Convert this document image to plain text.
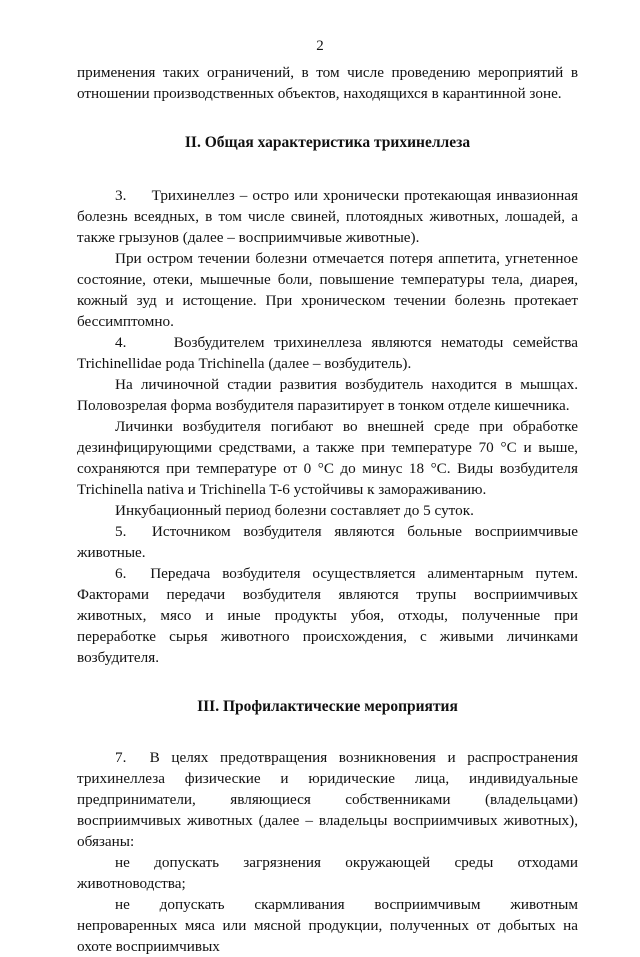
2

применения таких ограничений, в том числе проведению мероприятий в отношении производственных объектов, находящихся в карантинной зоне.

II. Общая характеристика трихинеллеза

3.     Трихинеллез – остро или хронически протекающая инвазионная болезнь всеядных, в том числе свиней, плотоядных животных, лошадей, а также грызунов (далее – восприимчивые животные).

При остром течении болезни отмечается потеря аппетита, угнетенное состояние, отеки, мышечные боли, повышение температуры тела, диарея, кожный зуд и истощение. При хроническом течении болезнь протекает бессимптомно.

4.     Возбудителем трихинеллеза являются нематоды семейства Trichinellidae рода Trichinella (далее – возбудитель).

На личиночной стадии развития возбудитель находится в мышцах. Половозрелая форма возбудителя паразитирует в тонком отделе кишечника.

Личинки возбудителя погибают во внешней среде при обработке дезинфицирующими средствами, а также при температуре 70 °С и выше, сохраняются при температуре от 0 °С до минус 18 °С. Виды возбудителя Trichinella nativa и Trichinella T-6 устойчивы к замораживанию.

Инкубационный период болезни составляет до 5 суток.

5.  Источником возбудителя являются больные восприимчивые животные.

6.  Передача возбудителя осуществляется алиментарным путем. Факторами передачи возбудителя являются трупы восприимчивых животных, мясо и иные продукты убоя, отходы, полученные при переработке сырья животного происхождения, с живыми личинками возбудителя.

III. Профилактические мероприятия

7.  В целях предотвращения возникновения и распространения трихинеллеза физические и юридические лица, индивидуальные предприниматели, являющиеся собственниками (владельцами) восприимчивых животных (далее – владельцы восприимчивых животных), обязаны:

не допускать загрязнения окружающей среды отходами животноводства;

не допускать скармливания восприимчивым животным непроваренных мяса или мясной продукции, полученных от добытых на охоте восприимчивых
